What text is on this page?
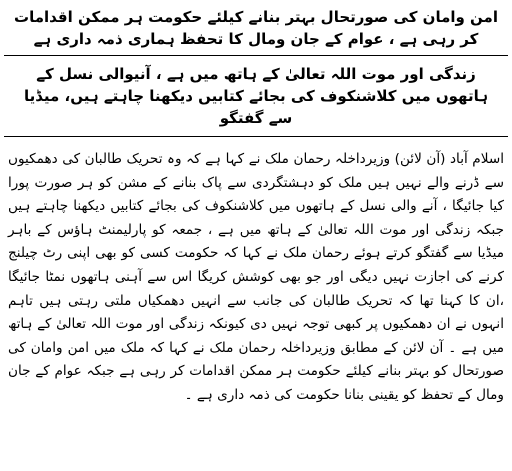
امن وامان کی صورتحال بہتر بنانے کیلئے حکومت ہر ممکن اقدامات کر رہی ہے ، عوام کے جان ومال کا تحفظ ہماری ذمہ داری ہے
زندگی اور موت اللہ تعالیٰ کے ہاتھ میں ہے ، آنیوالی نسل کے ہاتھوں میں کلاشنکوف کی بجائے کتابیں دیکھنا چاہتے ہیں، میڈیا سے گفتگو
اسلام آباد (آن لائن) وزیرداخلہ رحمان ملک نے کہا ہے کہ وہ تحریک طالبان کی دھمکیوں سے ڈرنے والے نہیں ہیں ملک کو دہشتگردی سے پاک بنانے کے مشن کو ہر صورت پورا کیا جائیگا ، آنے والی نسل کے ہاتھوں میں کلاشنکوف کی بجائے کتابیں دیکھنا چاہتے ہیں جبکہ زندگی اور موت اللہ تعالیٰ کے ہاتھ میں ہے ، جمعہ کو پارلیمنٹ ہاؤس کے باہر میڈیا سے گفتگو کرتے ہوئے رحمان ملک نے کہا کہ حکومت کسی کو بھی اپنی رٹ چیلنج کرنے کی اجازت نہیں دیگی اور جو بھی کوشش کریگا اس سے آہنی ہاتھوں نمٹا جائیگا ،ان کا کہنا تھا کہ تحریک طالبان کی جانب سے انہیں دھمکیاں ملتی رہتی ہیں تاہم انہوں نے ان دھمکیوں پر کبھی توجہ نہیں دی کیونکہ زندگی اور موت اللہ تعالیٰ کے ہاتھ میں ہے ۔ آن لائن کے مطابق وزیرداخلہ رحمان ملک نے کہا کہ ملک میں امن وامان کی صورتحال کو بہتر بنانے کیلئے حکومت ہر ممکن اقدامات کر رہی ہے جبکہ عوام کے جان ومال کے تحفظ کو یقینی بنانا حکومت کی ذمہ داری ہے ۔
